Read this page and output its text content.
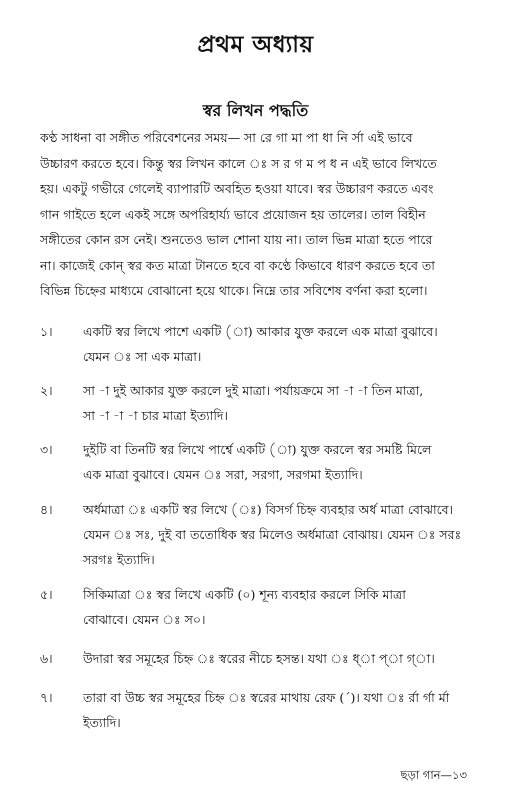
প্রথম অধ্যায়
স্বর লিখন পদ্ধতি
কণ্ঠ সাধনা বা সঙ্গীত পরিবেশনের সময়— সা রে গা মা পা ধা নি র্সা এই ভাবে
উচ্চারণ করতে হবে। কিন্তু স্বর লিখন কালে ঃ স র গ ম প ধ ন এই ভাবে লিখতে
হয়। একটু গভীরে গেলেই ব্যাপারটি অবহিত হওয়া যাবে। স্বর উচ্চারণ করতে এবং
গান গাইতে হলে একই সঙ্গে অপরিহার্য্য ভাবে প্রয়োজন হয় তালের। তাল বিহীন
সঙ্গীতের কোন রস নেই। শুনতেও ভাল শোনা যায় না। তাল ভিন্ন মাত্রা হতে পারে
না। কাজেই কোন্ স্বর কত মাত্রা টানতে হবে বা কণ্ঠে কিভাবে ধারণ করতে হবে তা
বিভিন্ন চিহ্নের মাধ্যমে বোঝানো হয়ে থাকে। নিম্নে তার সবিশেষ বর্ণনা করা হলো।
১। একটি স্বর লিখে পাশে একটি (া) আকার যুক্ত করলে এক মাত্রা বুঝাবে।
যেমন ঃ সা এক মাত্রা।
২। সা -া দুই আকার যুক্ত করলে দুই মাত্রা। পর্যায়ক্রমে সা -া -া তিন মাত্রা,
সা -া -া -া চার মাত্রা ইত্যাদি।
৩। দুইটি বা তিনটি স্বর লিখে পার্শ্বে একটি (া) যুক্ত করলে স্বর সমষ্টি মিলে
এক মাত্রা বুঝাবে। যেমন ঃ সরা, সরগা, সরগমা ইত্যাদি।
৪। অর্ধমাত্রা ঃ একটি স্বর লিখে (ঃ) বিসর্গ চিহ্ন ব্যবহার অর্ধ মাত্রা বোঝাবে।
যেমন ঃ সঃ, দুই বা ততোধিক স্বর মিলেও অর্ধমাত্রা বোঝায়। যেমন ঃ সরঃ
সরগঃ ইত্যাদি।
৫। সিকিমাত্রা ঃ স্বর লিখে একটি (০) শূন্য ব্যবহার করলে সিকি মাত্রা
বোঝাবে। যেমন ঃ স০।
৬। উদারা স্বর সমূহের চিহ্ন ঃ স্বরের নীচে হসন্ত। যথা ঃ ধ্া প্া গ্া।
৭। তারা বা উচ্চ স্বর সমূহের চিহ্ন ঃ স্বরের মাথায় রেফ (´)। যথা ঃ র্রা র্গা র্মা
ইত্যাদি।
ছড়া গান—১৩
